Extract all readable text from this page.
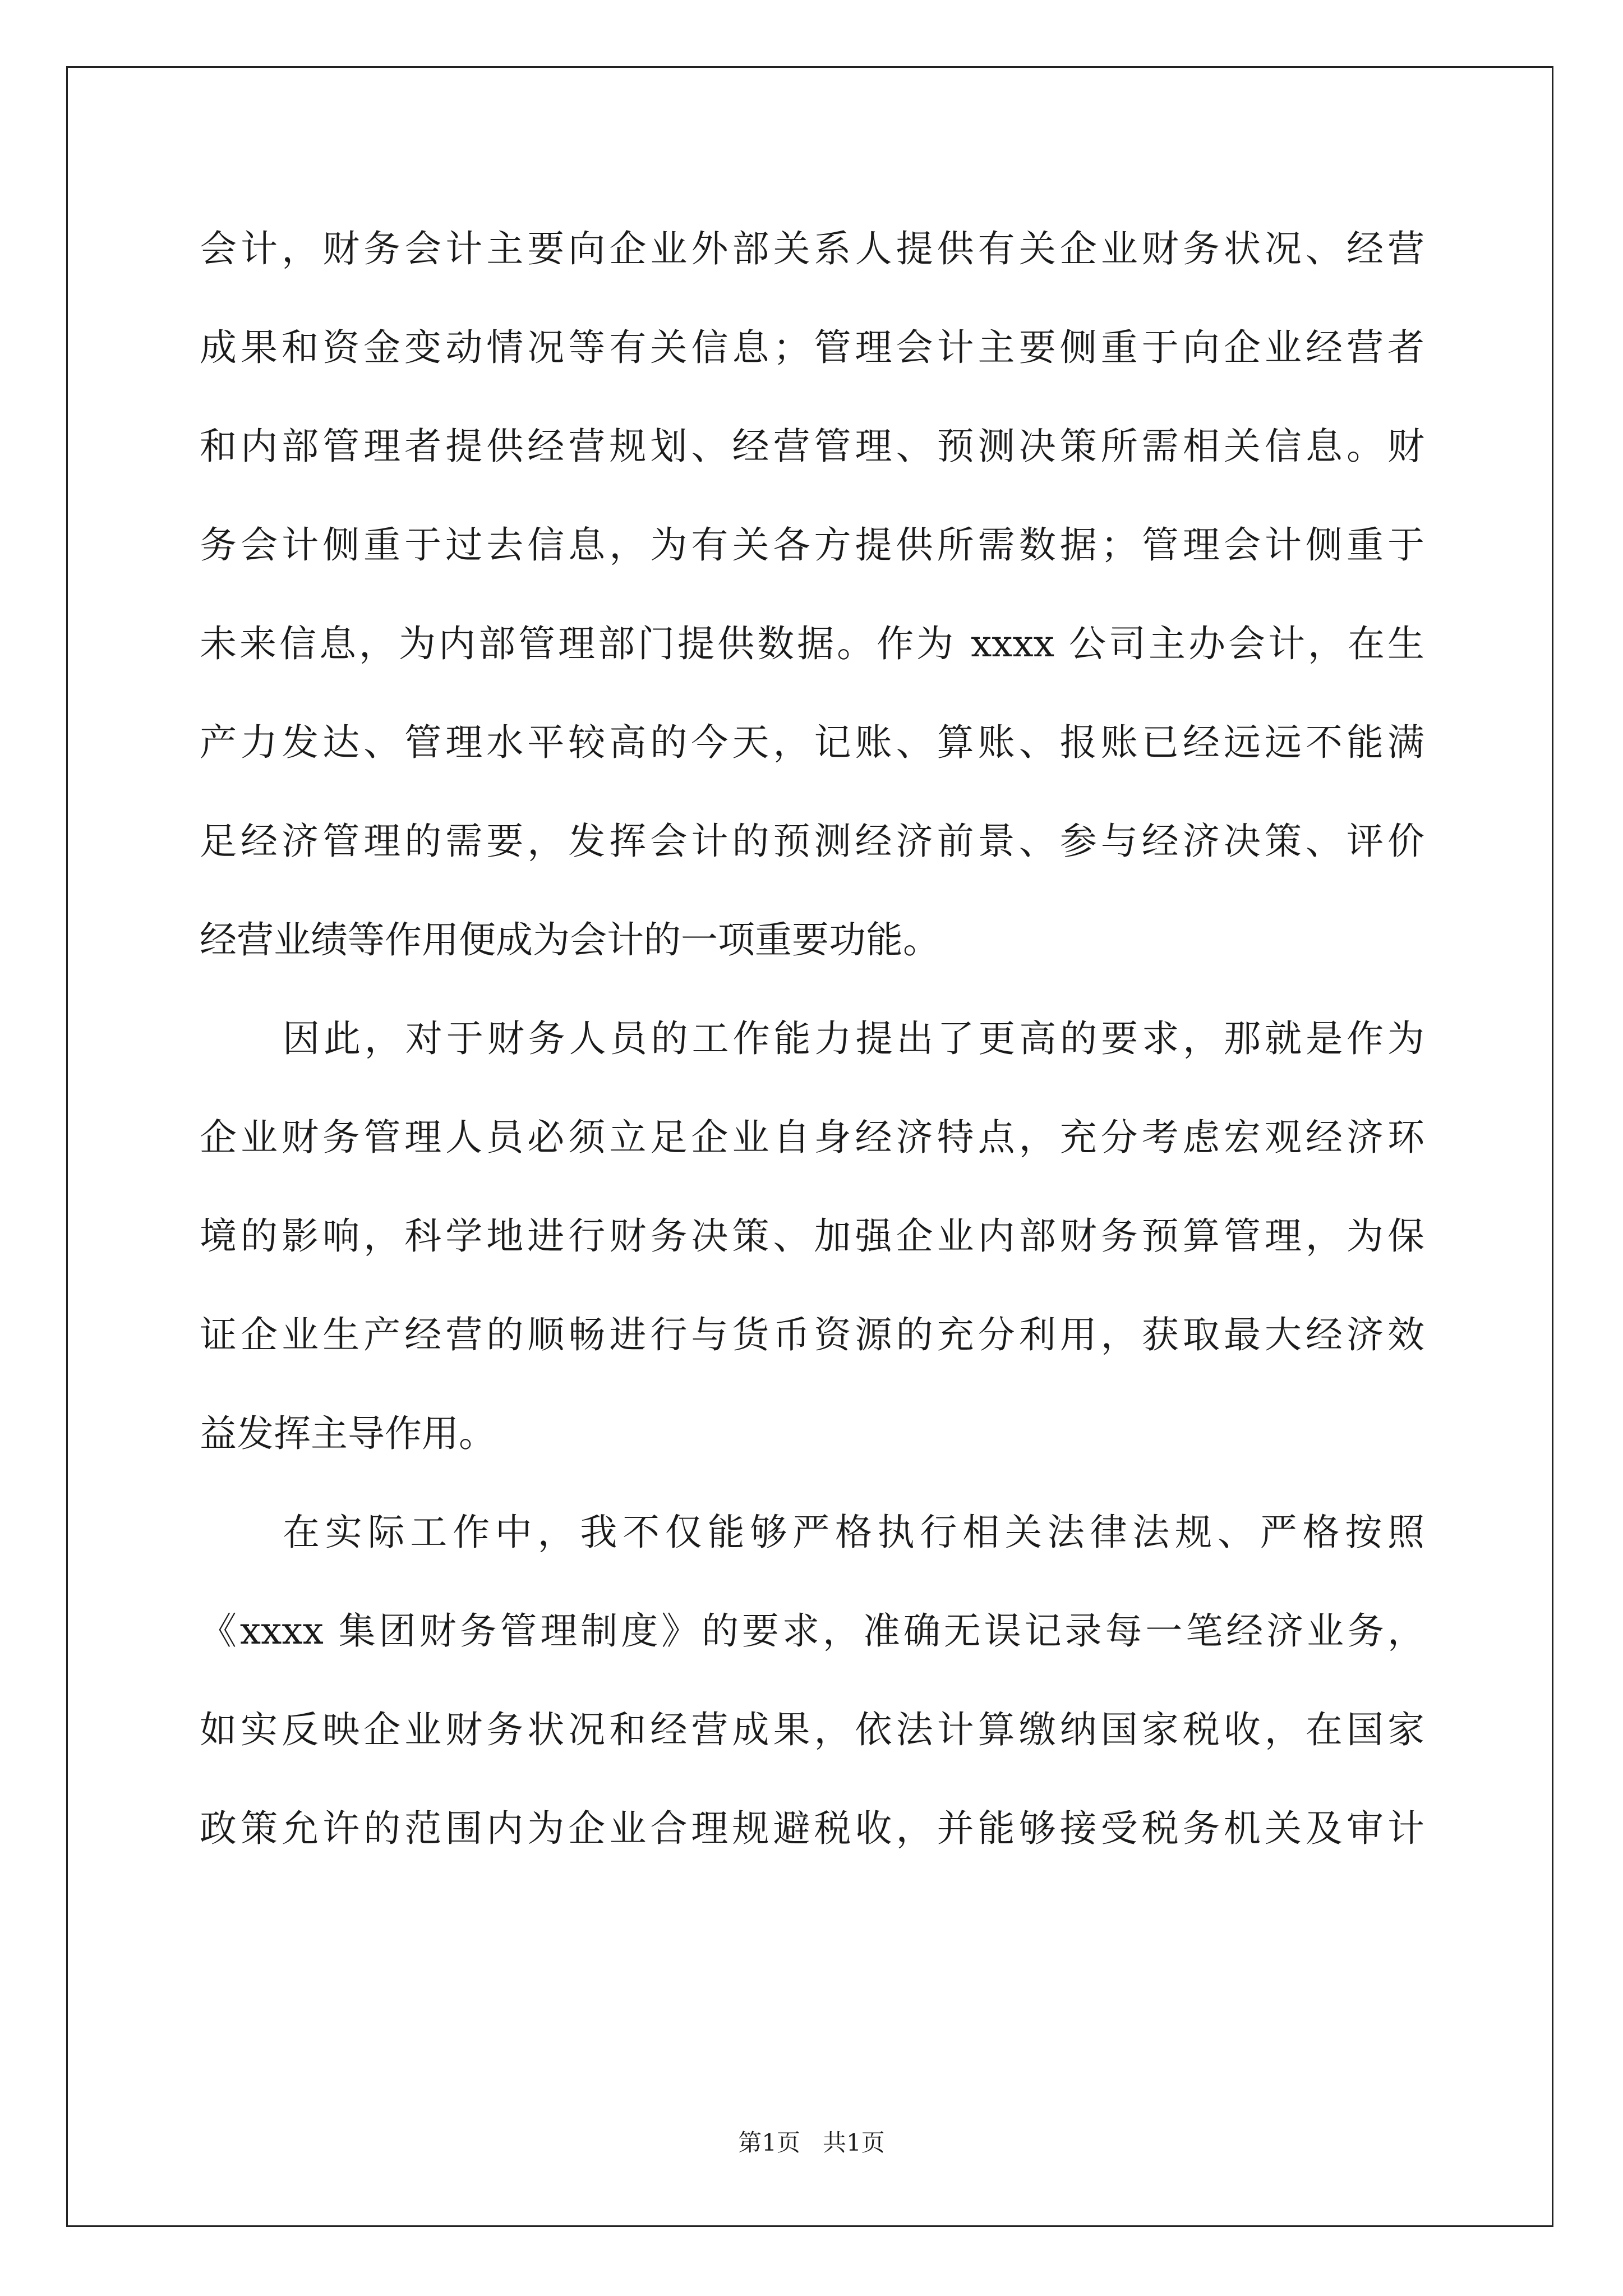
会计，财务会计主要向企业外部关系人提供有关企业财务状况、经营
成果和资金变动情况等有关信息；管理会计主要侧重于向企业经营者
和内部管理者提供经营规划、经营管理、预测决策所需相关信息。财
务会计侧重于过去信息，为有关各方提供所需数据；管理会计侧重于
未来信息，为内部管理部门提供数据。作为 xxxx 公司主办会计，在生
产力发达、管理水平较高的今天，记账、算账、报账已经远远不能满
足经济管理的需要，发挥会计的预测经济前景、参与经济决策、评价
经营业绩等作用便成为会计的一项重要功能。
因此，对于财务人员的工作能力提出了更高的要求，那就是作为
企业财务管理人员必须立足企业自身经济特点，充分考虑宏观经济环
境的影响，科学地进行财务决策、加强企业内部财务预算管理，为保
证企业生产经营的顺畅进行与货币资源的充分利用，获取最大经济效
益发挥主导作用。
在实际工作中，我不仅能够严格执行相关法律法规、严格按照
《xxxx 集团财务管理制度》的要求，准确无误记录每一笔经济业务，
如实反映企业财务状况和经营成果，依法计算缴纳国家税收，在国家
政策允许的范围内为企业合理规避税收，并能够接受税务机关及审计
第1页   共1页
